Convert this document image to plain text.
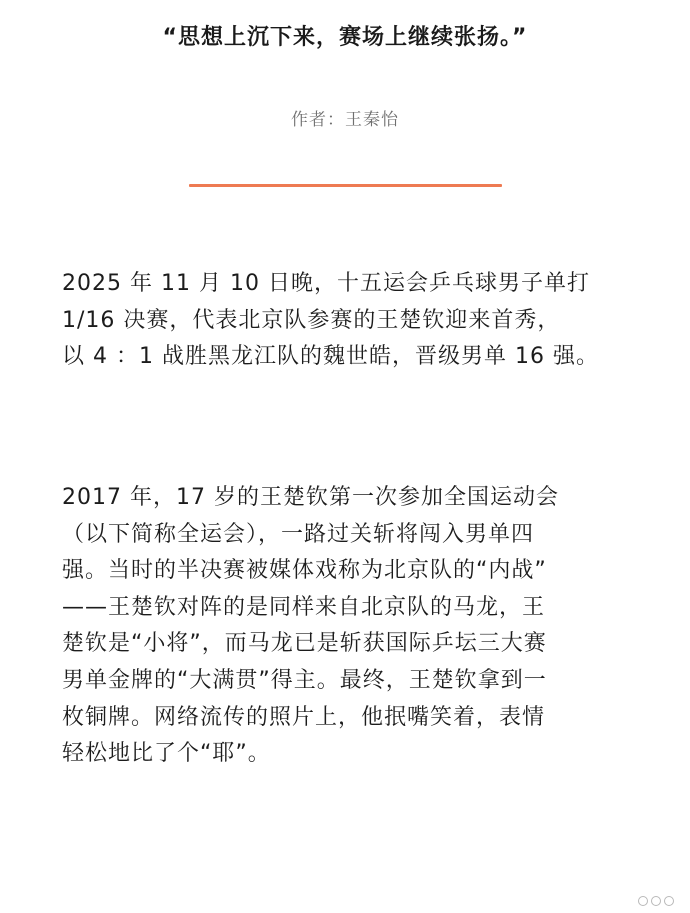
“思想上沉下来，赛场上继续张扬。”
作者：王秦怡
2025 年 11 月 10 日晚，十五运会乒乓球男子单打
1/16 决赛，代表北京队参赛的王楚钦迎来首秀，
以 4 ：1 战胜黑龙江队的魏世皓，晋级男单 16 强。
2017 年，17 岁的王楚钦第一次参加全国运动会
（以下简称全运会），一路过关斩将闯入男单四
强。当时的半决赛被媒体戏称为北京队的“内战”
——王楚钦对阵的是同样来自北京队的马龙，王
楚钦是“小将”，而马龙已是斩获国际乒坛三大赛
男单金牌的“大满贯”得主。最终，王楚钦拿到一
枚铜牌。网络流传的照片上，他抿嘴笑着，表情
轻松地比了个“耶”。
